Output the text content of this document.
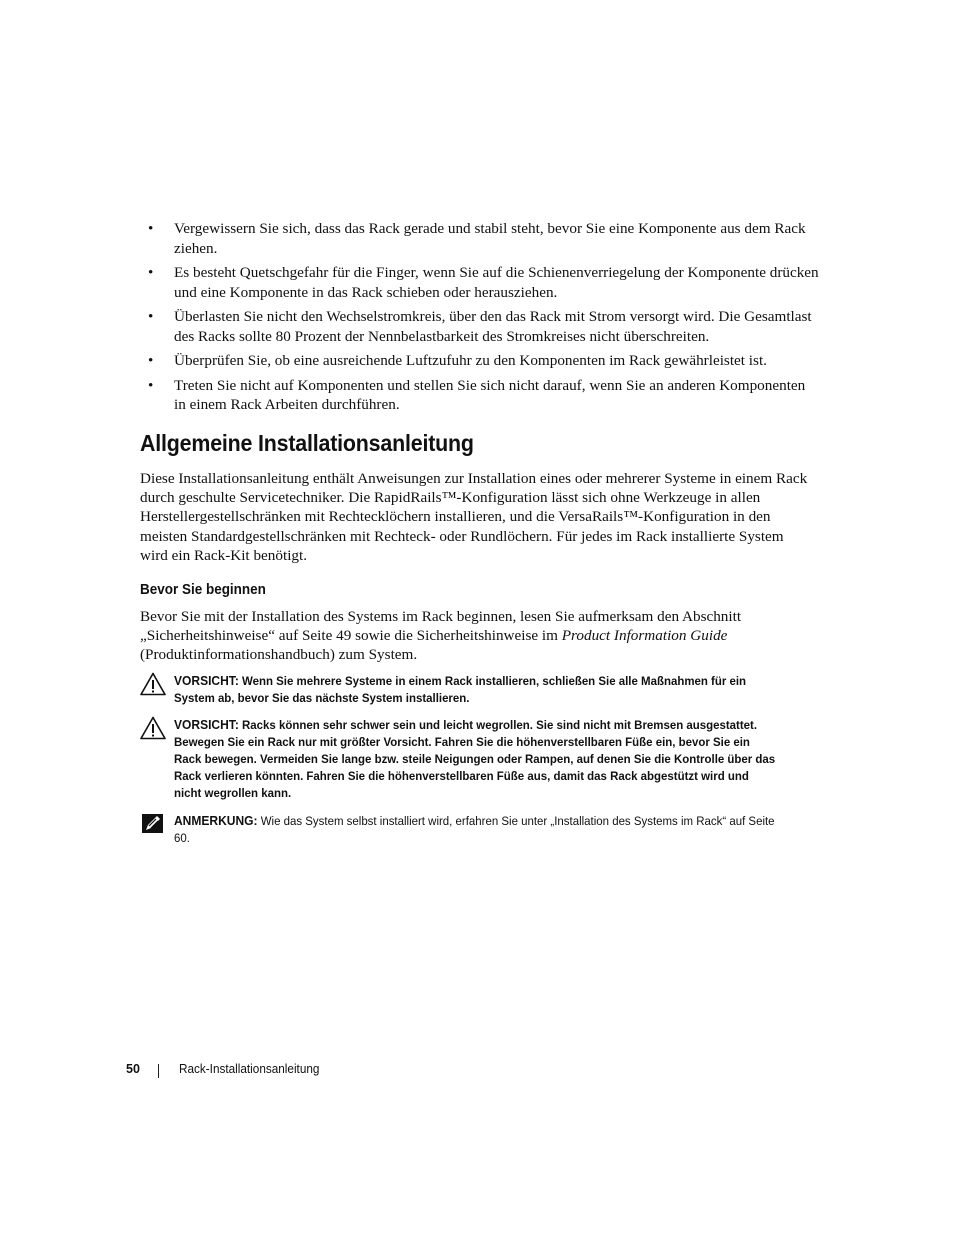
• Vergewissern Sie sich, dass das Rack gerade und stabil steht, bevor Sie eine Komponente aus dem Rack ziehen.
• Es besteht Quetschgefahr für die Finger, wenn Sie auf die Schienenverriegelung der Komponente drücken und eine Komponente in das Rack schieben oder herausziehen.
• Überlasten Sie nicht den Wechselstromkreis, über den das Rack mit Strom versorgt wird. Die Gesamtlast des Racks sollte 80 Prozent der Nennbelastbarkeit des Stromkreises nicht überschreiten.
• Überprüfen Sie, ob eine ausreichende Luftzufuhr zu den Komponenten im Rack gewährleistet ist.
• Treten Sie nicht auf Komponenten und stellen Sie sich nicht darauf, wenn Sie an anderen Komponenten in einem Rack Arbeiten durchführen.
Allgemeine Installationsanleitung

Diese Installationsanleitung enthält Anweisungen zur Installation eines oder mehrerer Systeme in einem Rack durch geschulte Servicetechniker. Die RapidRails™-Konfiguration lässt sich ohne Werkzeuge in allen Herstellergestellschränken mit Rechtecklöchern installieren, und die VersaRails™-Konfiguration in den meisten Standardgestellschränken mit Rechteck- oder Rundlöchern. Für jedes im Rack installierte System wird ein Rack-Kit benötigt.

Bevor Sie beginnen

Bevor Sie mit der Installation des Systems im Rack beginnen, lesen Sie aufmerksam den Abschnitt „Sicherheitshinweise“ auf Seite 49 sowie die Sicherheitshinweise im Product Information Guide (Produktinformationshandbuch) zum System.

VORSICHT: Wenn Sie mehrere Systeme in einem Rack installieren, schließen Sie alle Maßnahmen für ein System ab, bevor Sie das nächste System installieren.
VORSICHT: Racks können sehr schwer sein und leicht wegrollen. Sie sind nicht mit Bremsen ausgestattet. Bewegen Sie ein Rack nur mit größter Vorsicht. Fahren Sie die höhenverstellbaren Füße ein, bevor Sie ein Rack bewegen. Vermeiden Sie lange bzw. steile Neigungen oder Rampen, auf denen Sie die Kontrolle über das Rack verlieren könnten. Fahren Sie die höhenverstellbaren Füße aus, damit das Rack abgestützt wird und nicht wegrollen kann.
ANMERKUNG: Wie das System selbst installiert wird, erfahren Sie unter „Installation des Systems im Rack“ auf Seite 60.
50	Rack-Installationsanleitung
